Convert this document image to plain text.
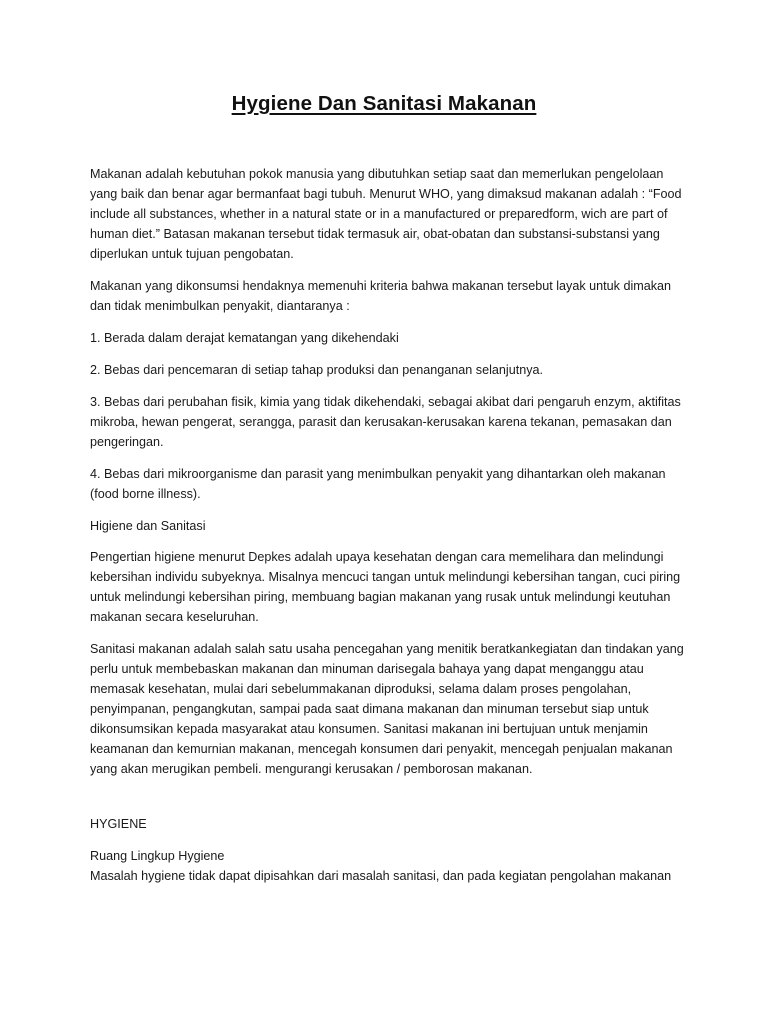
Hygiene Dan Sanitasi Makanan

Makanan adalah kebutuhan pokok manusia yang dibutuhkan setiap saat dan memerlukan pengelolaan yang baik dan benar agar bermanfaat bagi tubuh. Menurut WHO, yang dimaksud makanan adalah : “Food include all substances, whether in a natural state or in a manufactured or preparedform, wich are part of human diet.” Batasan makanan tersebut tidak termasuk air, obat-obatan dan substansi-substansi yang diperlukan untuk tujuan pengobatan.

Makanan yang dikonsumsi hendaknya memenuhi kriteria bahwa makanan tersebut layak untuk dimakan dan tidak menimbulkan penyakit, diantaranya :

1. Berada dalam derajat kematangan yang dikehendaki

2. Bebas dari pencemaran di setiap tahap produksi dan penanganan selanjutnya.

3. Bebas dari perubahan fisik, kimia yang tidak dikehendaki, sebagai akibat dari pengaruh enzym, aktifitas mikroba, hewan pengerat, serangga, parasit dan kerusakan-kerusakan karena tekanan, pemasakan dan pengeringan.

4. Bebas dari mikroorganisme dan parasit yang menimbulkan penyakit yang dihantarkan oleh makanan (food borne illness).

Higiene dan Sanitasi

Pengertian higiene menurut Depkes adalah upaya kesehatan dengan cara memelihara dan melindungi kebersihan individu subyeknya. Misalnya mencuci tangan untuk melindungi kebersihan tangan, cuci piring untuk melindungi kebersihan piring, membuang bagian makanan yang rusak untuk melindungi keutuhan makanan secara keseluruhan.

Sanitasi makanan adalah salah satu usaha pencegahan yang menitik beratkankegiatan dan tindakan yang perlu untuk membebaskan makanan dan minuman darisegala bahaya yang dapat menganggu atau memasak kesehatan, mulai dari sebelummakanan diproduksi, selama dalam proses pengolahan, penyimpanan, pengangkutan, sampai pada saat dimana makanan dan minuman tersebut siap untuk dikonsumsikan kepada masyarakat atau konsumen. Sanitasi makanan ini bertujuan untuk menjamin keamanan dan kemurnian makanan, mencegah konsumen dari penyakit, mencegah penjualan makanan yang akan merugikan pembeli. mengurangi kerusakan / pemborosan makanan.

HYGIENE

Ruang Lingkup Hygiene

Masalah hygiene tidak dapat dipisahkan dari masalah sanitasi, dan pada kegiatan pengolahan makanan
